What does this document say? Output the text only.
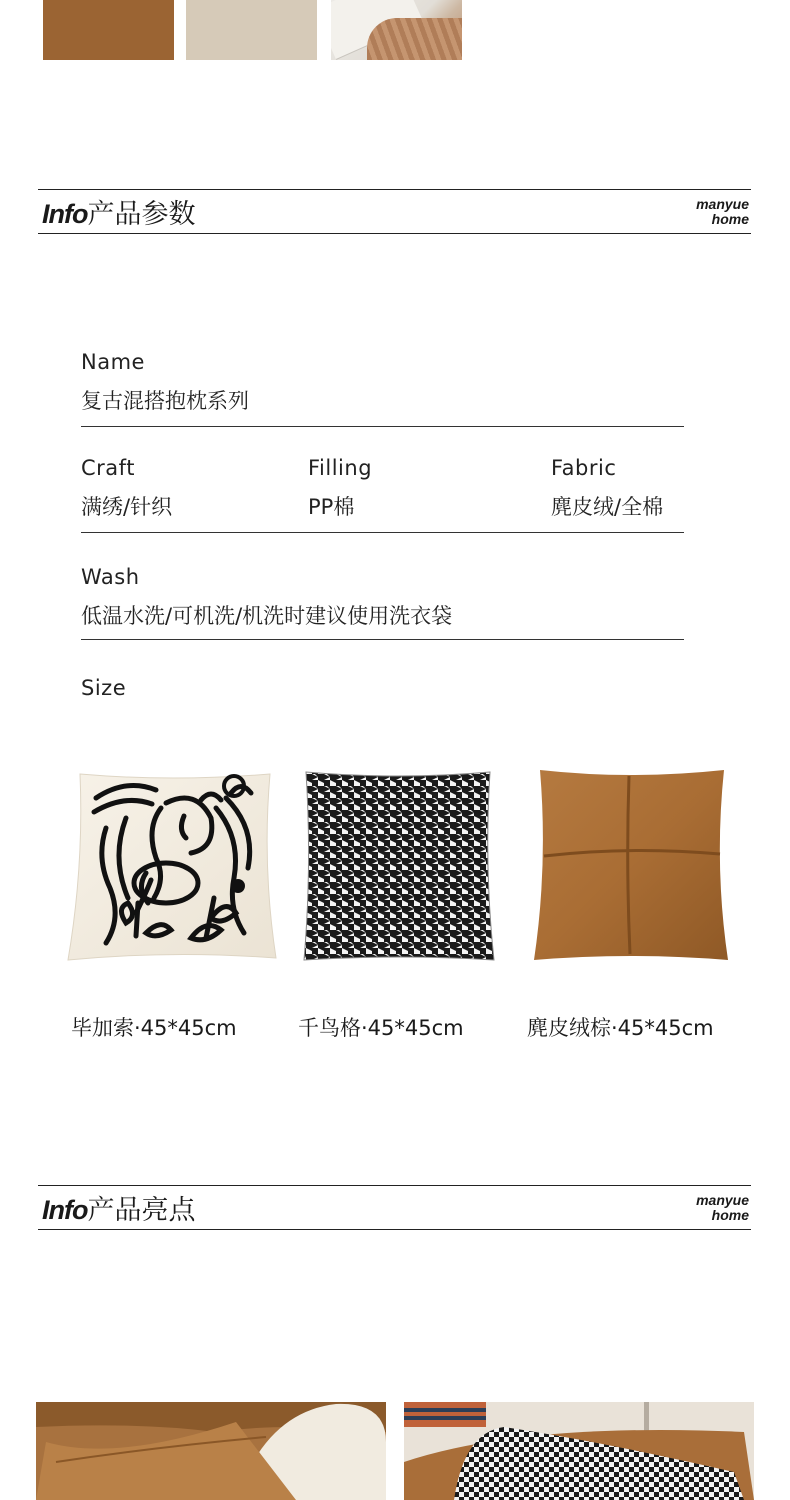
Info产品参数	manyue
home
Name
复古混搭抱枕系列
Craft
满绣/针织
Filling
PP棉
Fabric
麂皮绒/全棉
Wash
低温水洗/可机洗/机洗时建议使用洗衣袋
Size
毕加索·45*45cm	千鸟格·45*45cm	麂皮绒棕·45*45cm
Info产品亮点	manyue
home
